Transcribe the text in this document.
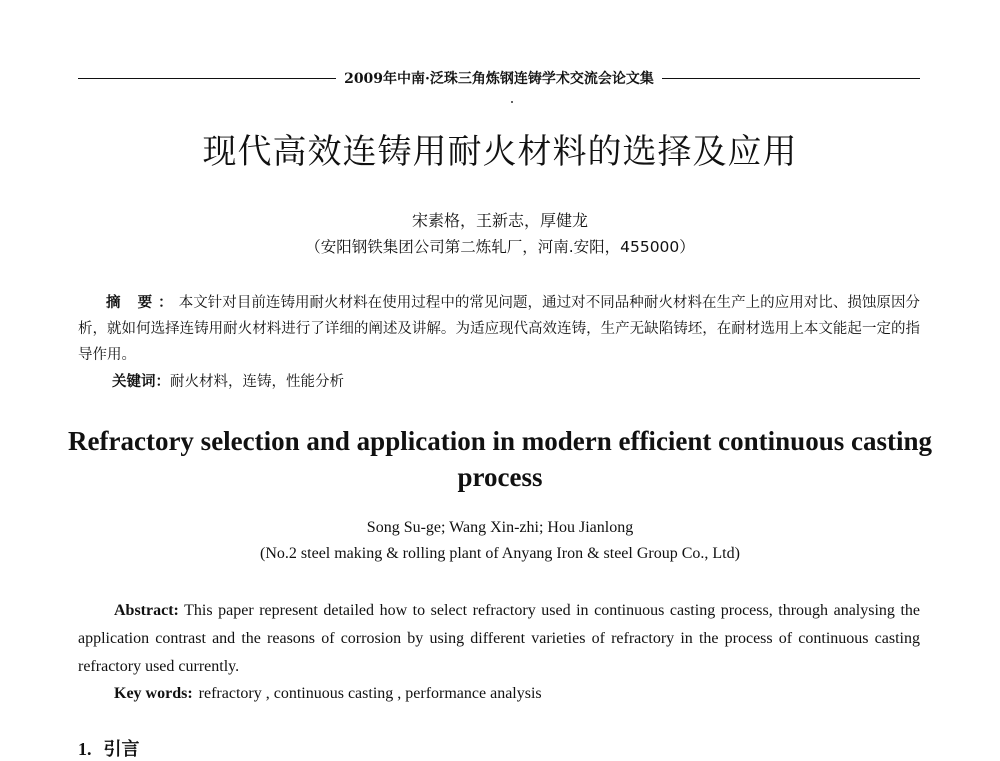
2009年中南·泛珠三角炼钢连铸学术交流会论文集
现代高效连铸用耐火材料的选择及应用
宋素格，王新志，厚健龙
（安阳钢铁集团公司第二炼轧厂，河南.安阳，455000）
摘 要：本文针对目前连铸用耐火材料在使用过程中的常见问题，通过对不同品种耐火材料在生产上的应用对比、损蚀原因分析，就如何选择连铸用耐火材料进行了详细的阐述及讲解。为适应现代高效连铸，生产无缺陷铸坯，在耐材选用上本文能起一定的指导作用。
关键词：耐火材料，连铸，性能分析
Refractory selection and application in modern efficient continuous casting process
Song Su-ge; Wang Xin-zhi; Hou Jianlong
(No.2 steel making & rolling plant of Anyang Iron & steel Group Co., Ltd)
Abstract: This paper represent detailed how to select refractory used in continuous casting process, through analysing the application contrast and the reasons of corrosion by using different varieties of refractory in the process of continuous casting refractory used currently.
Key words: refractory , continuous casting , performance analysis
1. 引言
